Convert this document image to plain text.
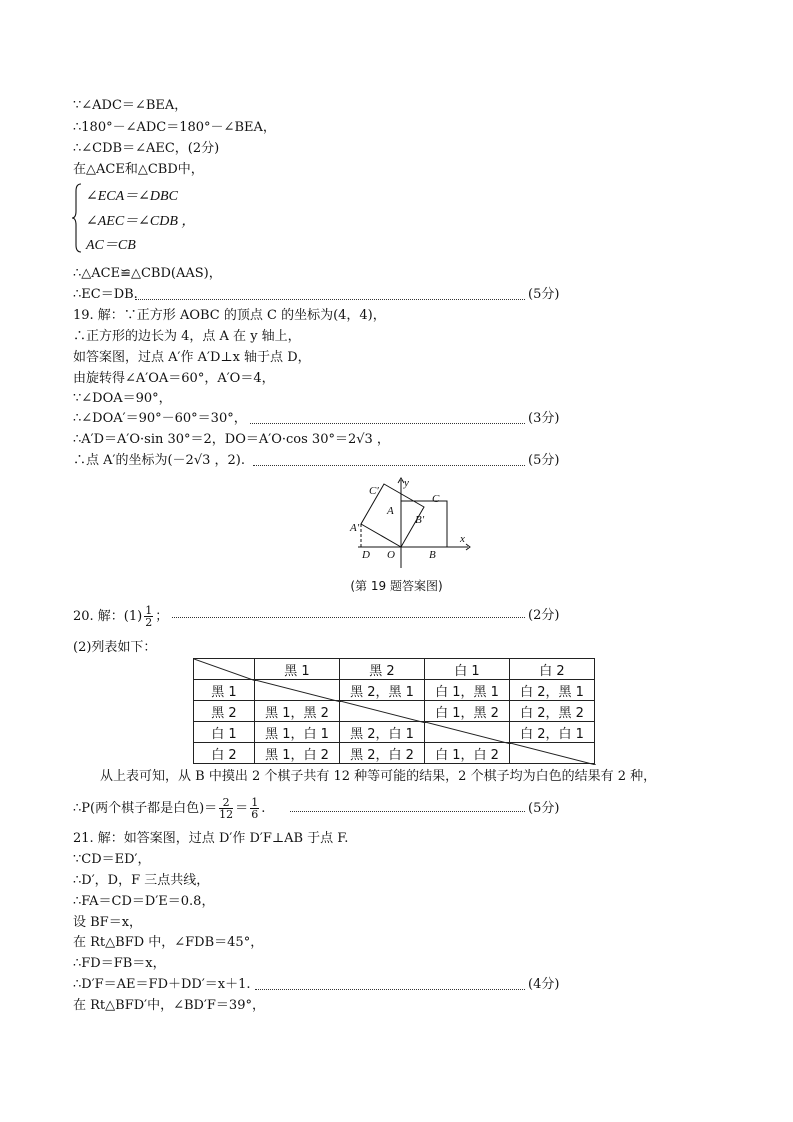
∵∠ADC＝∠BEA，
∴180°－∠ADC＝180°－∠BEA，
∴∠CDB＝∠AEC，(2分)
在△ACE和△CBD中，
∠ECA＝∠DBC
∠AEC＝∠CDB ，
AC＝CB
∴△ACE≌△CBD(AAS)，
∴EC＝DB.	(5分)
19. 解：∵正方形 AOBC 的顶点 C 的坐标为(4，4)，
∴正方形的边长为 4，点 A 在 y 轴上，
如答案图，过点 A′作 A′D⊥x 轴于点 D，
由旋转得∠A′OA＝60°，A′O＝4，
∵∠DOA＝90°，
∴∠DOA′＝90°－60°＝30°，	(3分)
∴A′D＝A′O·sin 30°＝2，DO＝A′O·cos 30°＝2√3 ，
∴点 A′的坐标为(－2√3 ，2).	(5分)
C′
C
A
B′
A′
D O	B
x
y
(第 19 题答案图)
20. 解：$(1) \frac{1}{2}$ ；	(2分)
(2)列表如下：
	黑 1	黑 2	白 1	白 2
黑 1		黑 2，黑 1	白 1，黑 1	白 2，黑 1
黑 2	黑 1，黑 2		白 1，黑 2	白 2，黑 2
白 1	黑 1，白 1	黑 2，白 1		白 2，白 1
白 2	黑 1，白 2	黑 2，白 2	白 1，白 2	
从上表可知，从 B 中摸出 2 个棋子共有 12 种等可能的结果，2 个棋子均为白色的结果有 2 种，
∴P(两个棋子都是白色)＝ $\frac{2}{12} = \frac{1}{6}$ .	(5分)
21. 解：如答案图，过点 D′作 D′F⊥AB 于点 F.
∵CD＝ED′，
∴D′，D，F 三点共线，
∴FA＝CD＝D′E＝0.8，
设 BF＝x，
在 Rt△BFD 中，∠FDB＝45°，
∴FD＝FB＝x，
∴D′F＝AE＝FD＋DD′＝x＋1.	(4分)
在 Rt△BFD′中，∠BD′F＝39°，
